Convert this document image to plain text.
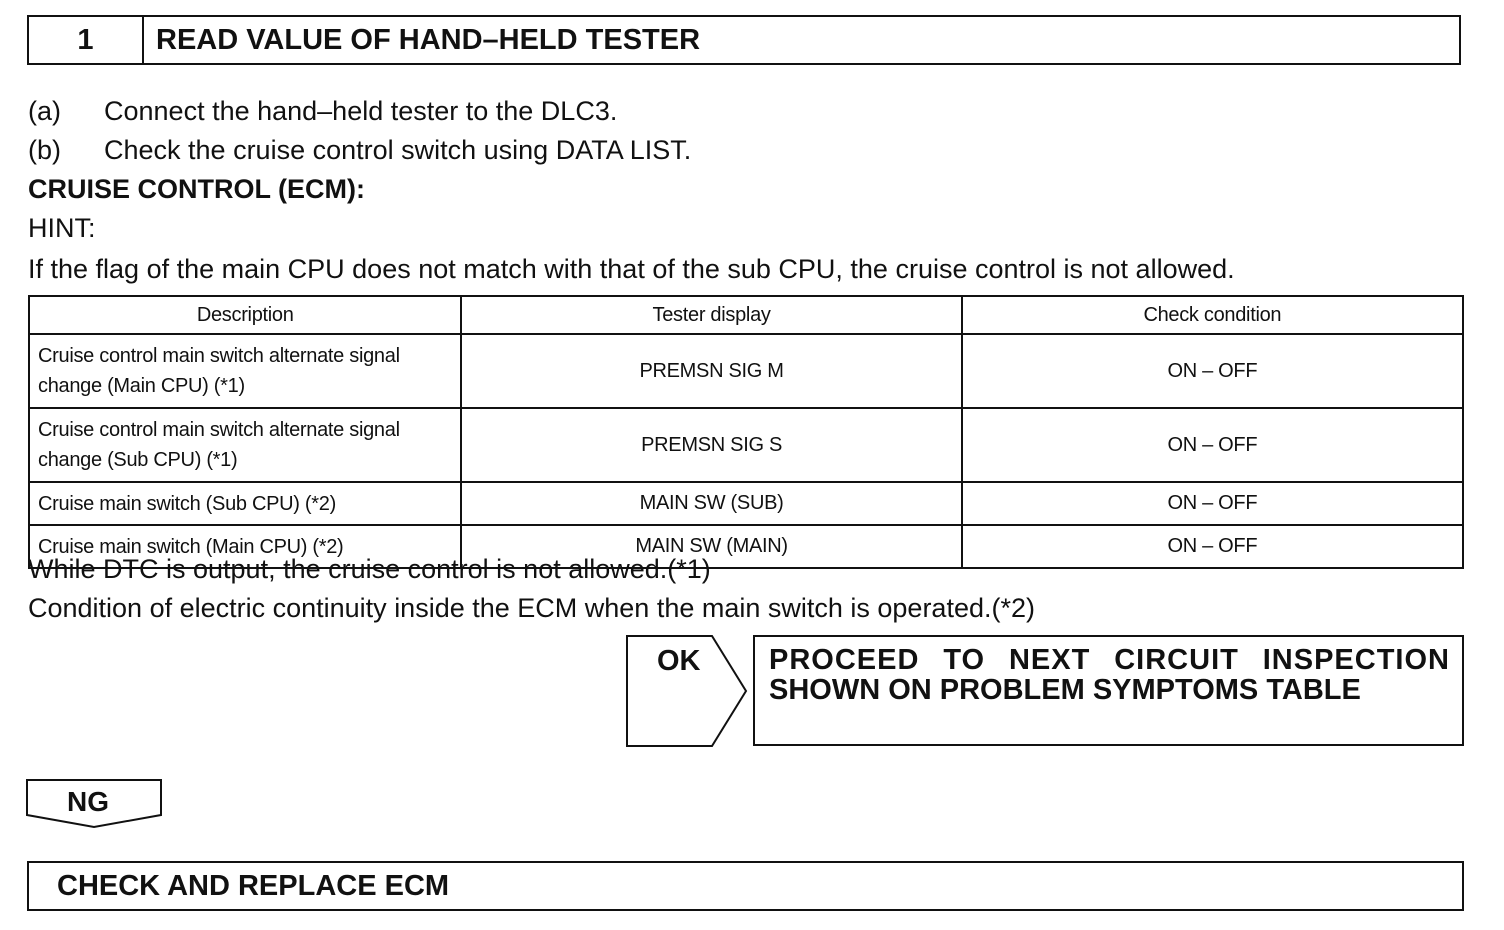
1	READ VALUE OF HAND–HELD TESTER
(a) Connect the hand–held tester to the DLC3.
(b) Check the cruise control switch using DATA LIST.
CRUISE CONTROL (ECM):
HINT:
If the flag of the main CPU does not match with that of the sub CPU, the cruise control is not allowed.
Description	Tester display	Check condition

Cruise control main switch alternate signal
change (Main CPU) (*1)	PREMSN SIG M	ON – OFF

Cruise control main switch alternate signal
change (Sub CPU) (*1)	PREMSN SIG S	ON – OFF
Cruise main switch (Sub CPU) (*2)	MAIN SW (SUB)	ON – OFF
Cruise main switch (Main CPU) (*2)	MAIN SW (MAIN)	ON – OFF
While DTC is output, the cruise control is not allowed.(*1)
Condition of electric continuity inside the ECM when the main switch is operated.(*2)
OK PROCEED TO NEXT CIRCUIT INSPECTION
SHOWN ON PROBLEM SYMPTOMS TABLE
NG
CHECK AND REPLACE ECM
